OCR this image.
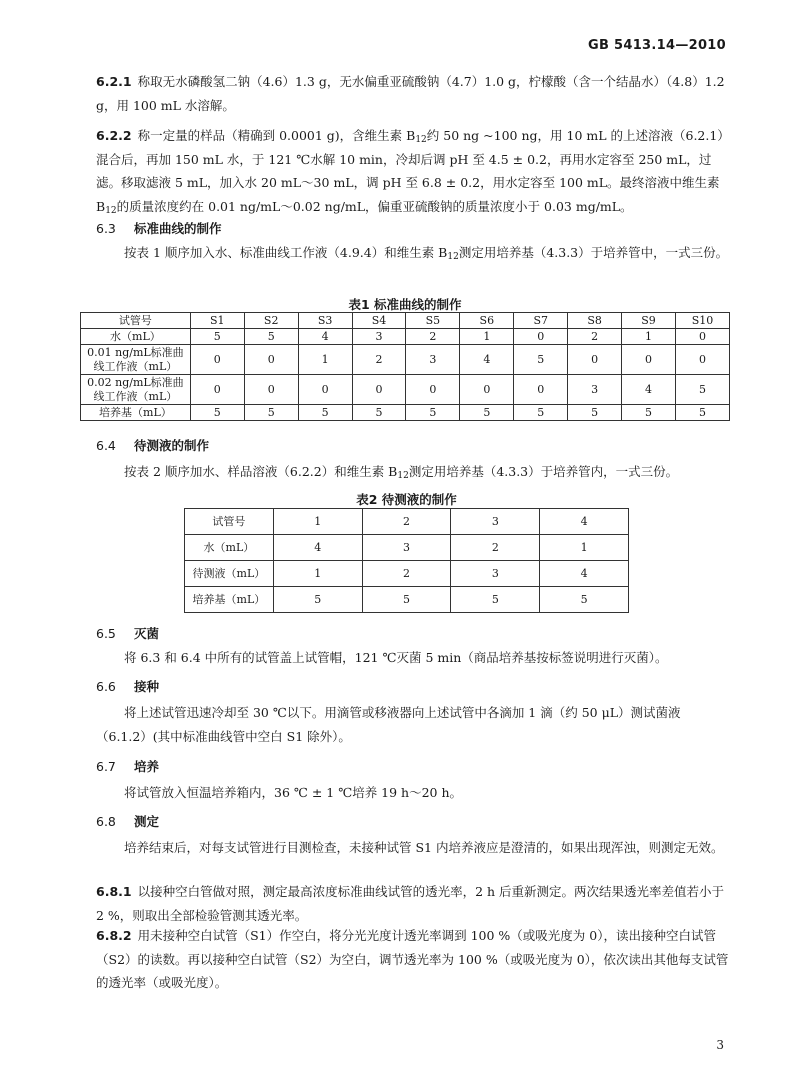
GB 5413.14—2010

6.2.1 称取无水磷酸氢二钠（4.6）1.3 g，无水偏重亚硫酸钠（4.7）1.0 g，柠檬酸（含一个结晶水）（4.8）1.2 g，用 100 mL 水溶解。

6.2.2 称一定量的样品（精确到 0.0001 g)，含维生素 $B_{12}$约 50 ng ~100 ng，用 10 mL 的上述溶液（6.2.1）混合后，再加 150 mL 水，于 121 ℃水解 10 min，冷却后调 pH 至 4.5 ± 0.2，再用水定容至 250 mL，过滤。移取滤液 5 mL，加入水 20 mL～30 mL，调 pH 至 6.8 ± 0.2，用水定容至 100 mL。最终溶液中维生素 $B_{12}$的质量浓度约在 0.01 ng/mL～0.02 ng/mL，偏重亚硫酸钠的质量浓度小于 0.03 mg/mL。

6.3 标准曲线的制作

按表 1 顺序加入水、标准曲线工作液（4.9.4）和维生素 $B_{12}$测定用培养基（4.3.3）于培养管中，一式三份。

表1 标准曲线的制作
试管号	S1	S2	S3	S4	S5	S6	S7	S8	S9	S10
水（mL）	5	5	4	3	2	1	0	2	1	0
0.01 ng/mL标准曲线工作液（mL）	0	0	1	2	3	4	5	0	0	0
0.02 ng/mL标准曲线工作液（mL）	0	0	0	0	0	0	0	3	4	5
培养基（mL）	5	5	5	5	5	5	5	5	5	5
6.4 待测液的制作

按表 2 顺序加水、样品溶液（6.2.2）和维生素 $B_{12}$测定用培养基（4.3.3）于培养管内，一式三份。

表2 待测液的制作
试管号	1	2	3	4
水（mL）	4	3	2	1
待测液（mL）	1	2	3	4
培养基（mL）	5	5	5	5
6.5 灭菌

将 6.3 和 6.4 中所有的试管盖上试管帽，121 ℃灭菌 5 min（商品培养基按标签说明进行灭菌）。

6.6 接种

将上述试管迅速冷却至 30 ℃以下。用滴管或移液器向上述试管中各滴加 1 滴（约 50 μL）测试菌液（6.1.2）(其中标准曲线管中空白 S1 除外）。

6.7 培养

将试管放入恒温培养箱内，36 ℃ ± 1 ℃培养 19 h～20 h。

6.8 测定

培养结束后，对每支试管进行目测检查，未接种试管 S1 内培养液应是澄清的，如果出现浑浊，则测定无效。

6.8.1 以接种空白管做对照，测定最高浓度标准曲线试管的透光率，2 h 后重新测定。两次结果透光率差值若小于 2 %，则取出全部检验管测其透光率。

6.8.2 用未接种空白试管（S1）作空白，将分光光度计透光率调到 100 %（或吸光度为 0），读出接种空白试管（S2）的读数。再以接种空白试管（S2）为空白，调节透光率为 100 %（或吸光度为 0），依次读出其他每支试管的透光率（或吸光度）。

3
